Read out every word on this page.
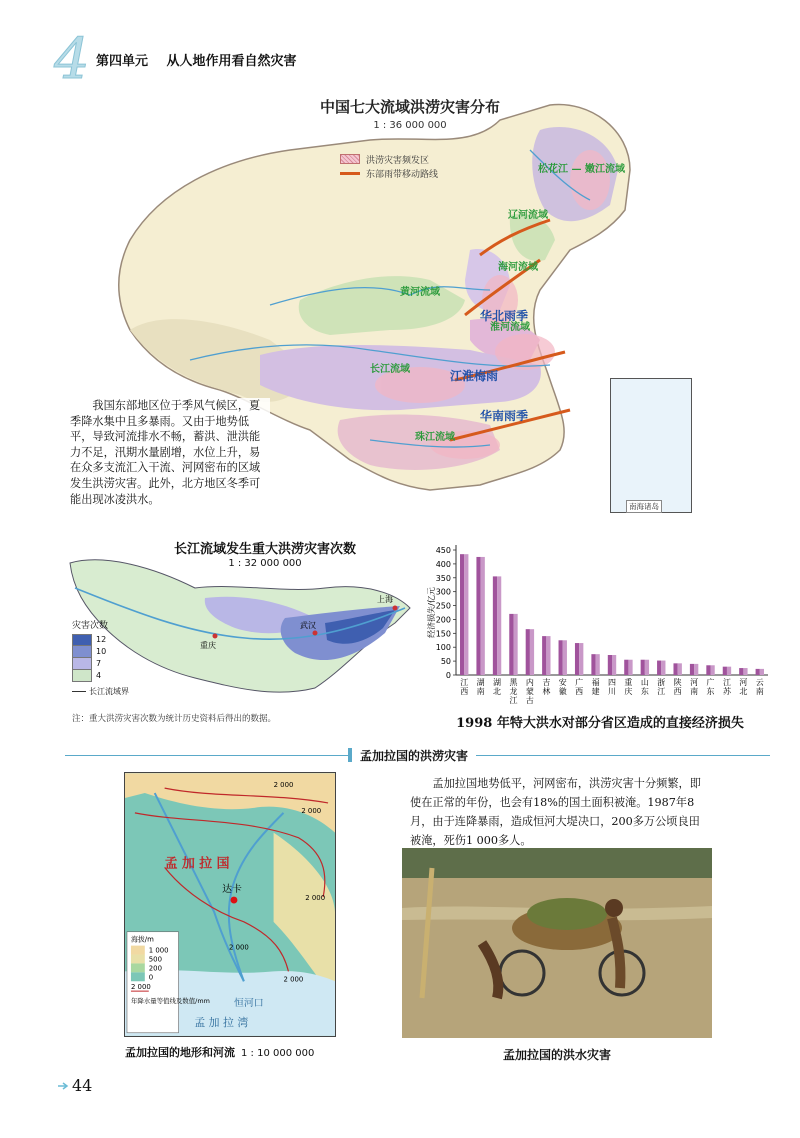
4 第四单元 从人地作用看自然灾害
松花江 — 嫩江流域
辽河流域
海河流域
黄河流域
淮河流域
长江流域
珠江流域
华北雨季
江淮梅雨
华南雨季
中国七大流域洪涝灾害分布
1 : 36 000 000
洪涝灾害频发区
东部雨带移动路线
南海诸岛
我国东部地区位于季风气候区，夏季降水集中且多暴雨。又由于地势低平，导致河流排水不畅，蓄洪、泄洪能力不足，汛期水量剧增，水位上升，易在众多支流汇入干流、河网密布的区域发生洪涝灾害。此外，北方地区冬季可能出现冰凌洪水。
重庆
武汉
上海
长江流域发生重大洪涝灾害次数
1 : 32 000 000
灾害次数
12
10
7
4
长江流域界
注：重大洪涝灾害次数为统计历史资料后得出的数据。
0
50
100
150
200
250
300
350
400
450
经济损失/亿元
江西
湖南
湖北
黑龙江
内蒙古
吉林
安徽
广西
福建
四川
重庆
山东
浙江
陕西
河南
广东
江苏
河北
云南
1998 年特大洪水对部分省区造成的直接经济损失
孟加拉国的洪涝灾害
孟 加 拉 国
达卡
恒河口
孟 加 拉 湾
2 000
2 000
2 000
2 000
2 000
海拔/m
1 000
500
200
0
2 000
年降水量等值线及数值/mm
孟加拉国的地形和河流 1 : 10 000 000
孟加拉国地势低平，河网密布，洪涝灾害十分频繁，即使在正常的年份，也会有18%的国土面积被淹。1987年8月，由于连降暴雨，造成恒河大堤决口，200多万公顷良田被淹，死伤1 000多人。
孟加拉国的洪水灾害
44
